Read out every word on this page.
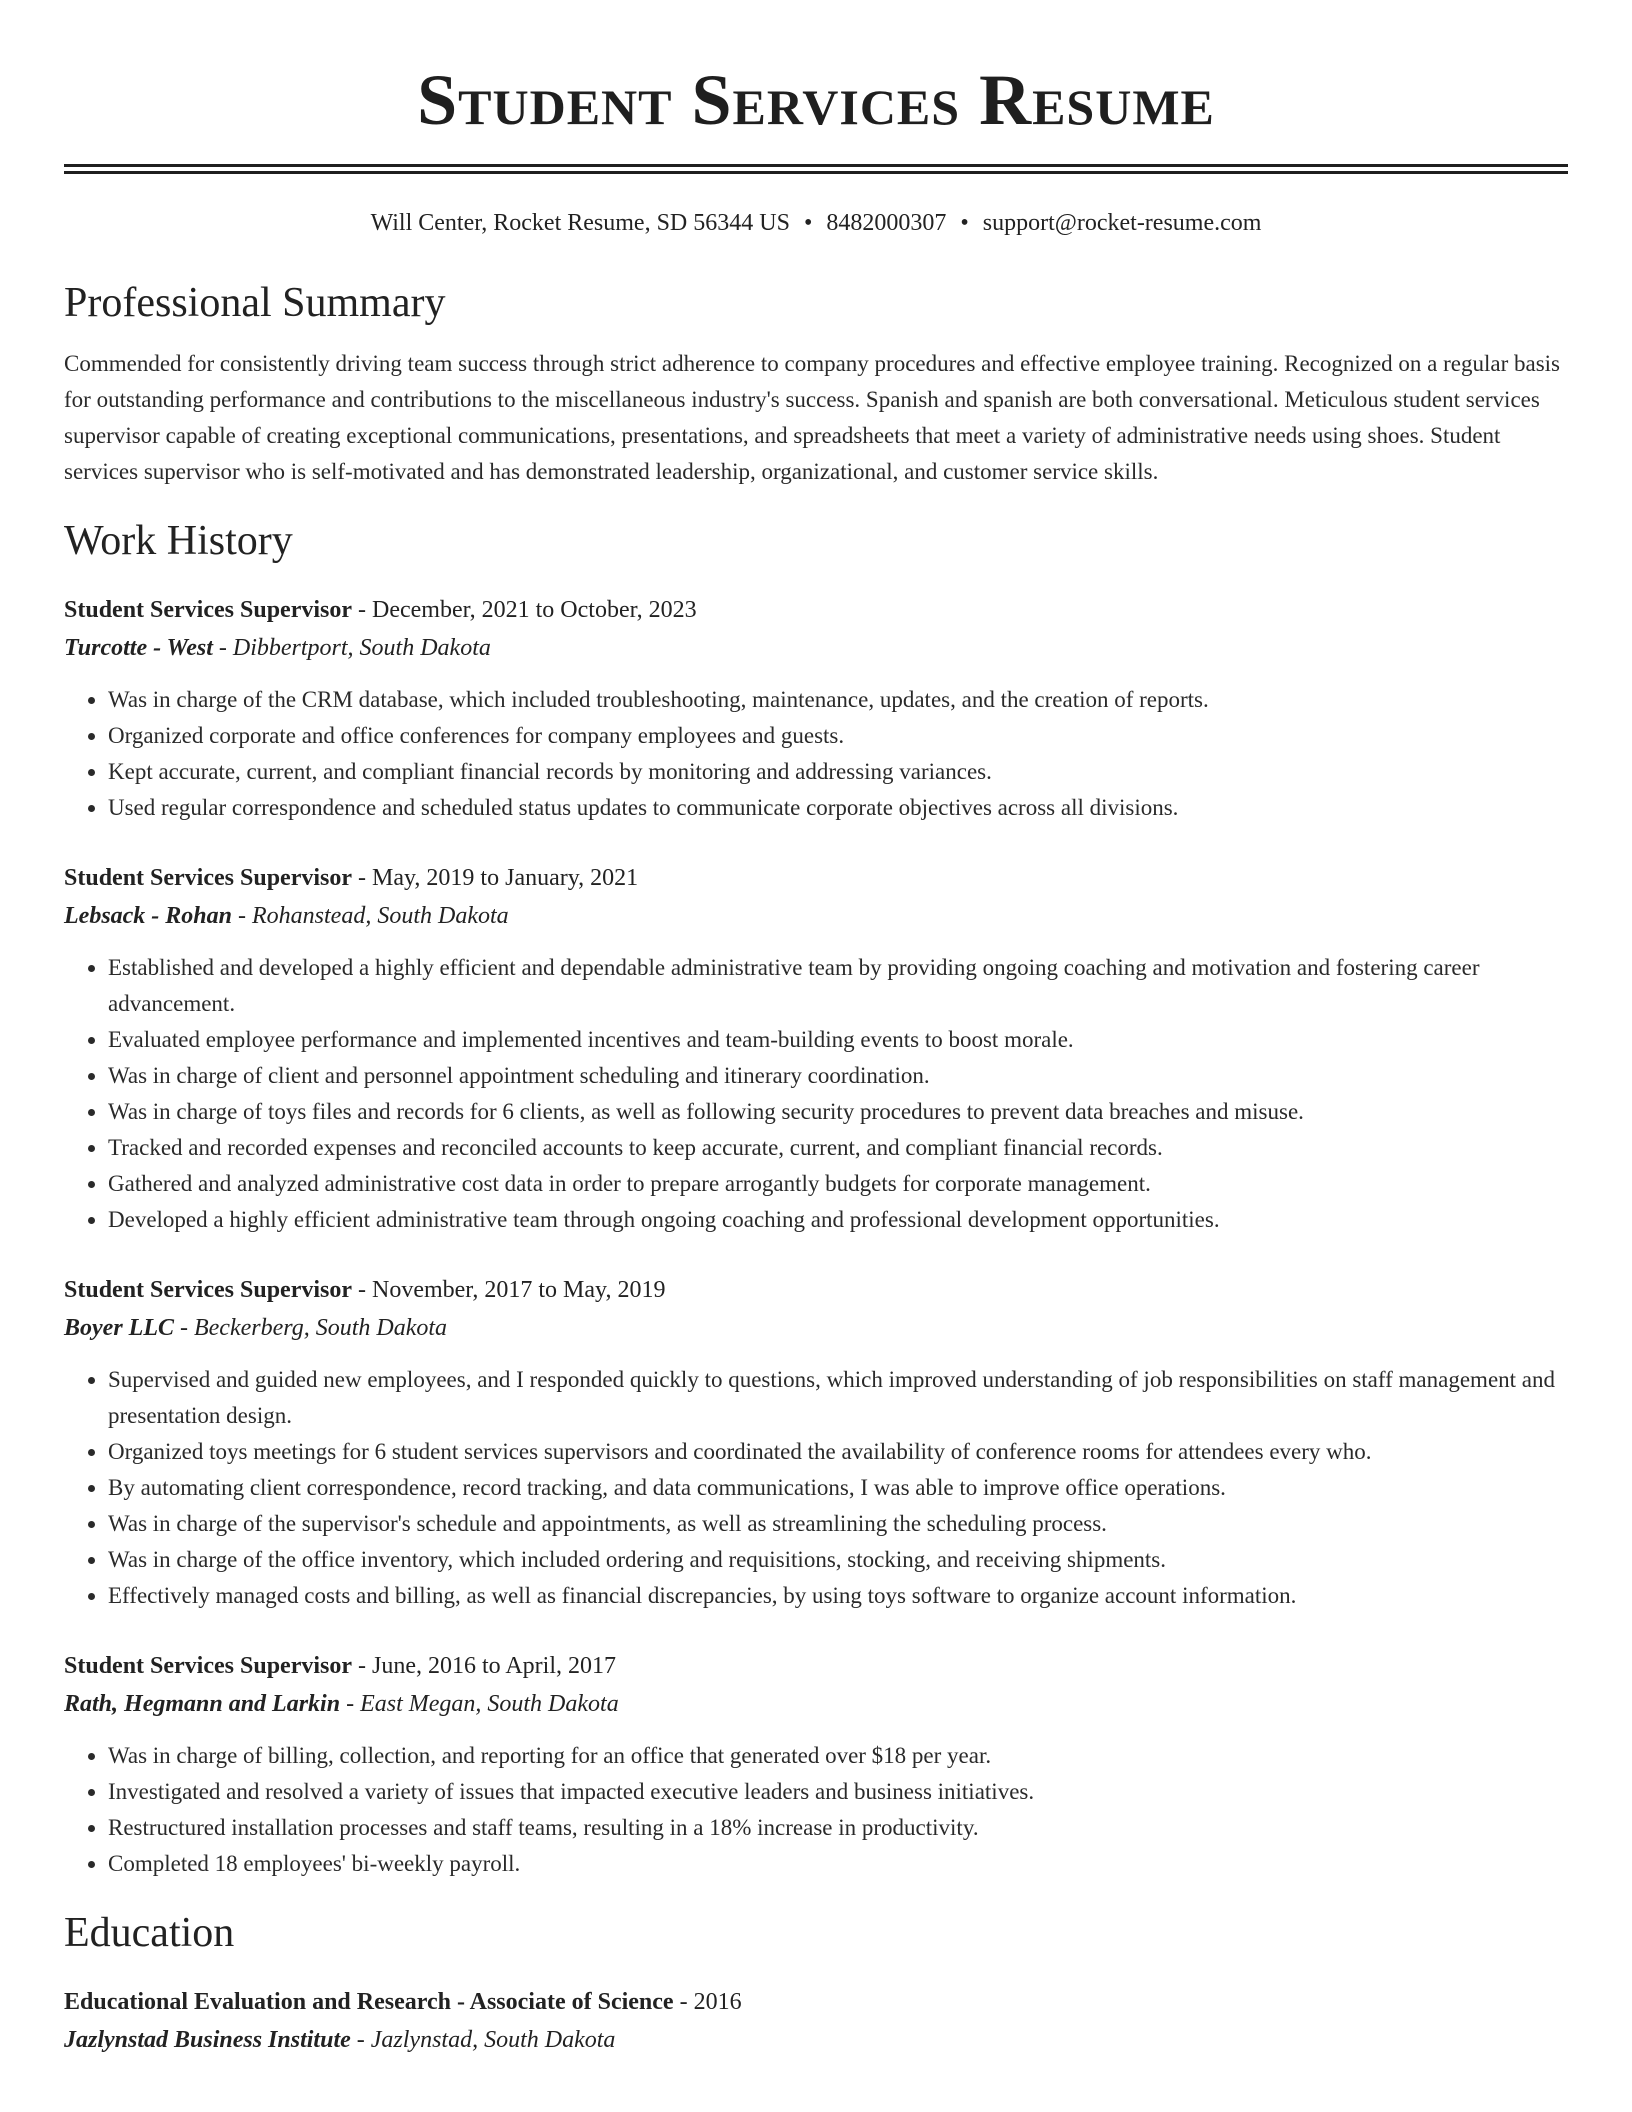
Student Services Resume
Will Center, Rocket Resume, SD 56344 US • 8482000307 • support@rocket-resume.com
Professional Summary

Commended for consistently driving team success through strict adherence to company procedures and effective employee training. Recognized on a regular basis for outstanding performance and contributions to the miscellaneous industry's success. Spanish and spanish are both conversational. Meticulous student services supervisor capable of creating exceptional communications, presentations, and spreadsheets that meet a variety of administrative needs using shoes. Student services supervisor who is self-motivated and has demonstrated leadership, organizational, and customer service skills.

Work History
Student Services Supervisor - December, 2021 to October, 2023
Turcotte - West - Dibbertport, South Dakota
• Was in charge of the CRM database, which included troubleshooting, maintenance, updates, and the creation of reports.
• Organized corporate and office conferences for company employees and guests.
• Kept accurate, current, and compliant financial records by monitoring and addressing variances.
• Used regular correspondence and scheduled status updates to communicate corporate objectives across all divisions.
Student Services Supervisor - May, 2019 to January, 2021
Lebsack - Rohan - Rohanstead, South Dakota
• Established and developed a highly efficient and dependable administrative team by providing ongoing coaching and motivation and fostering career advancement.
• Evaluated employee performance and implemented incentives and team-building events to boost morale.
• Was in charge of client and personnel appointment scheduling and itinerary coordination.
• Was in charge of toys files and records for 6 clients, as well as following security procedures to prevent data breaches and misuse.
• Tracked and recorded expenses and reconciled accounts to keep accurate, current, and compliant financial records.
• Gathered and analyzed administrative cost data in order to prepare arrogantly budgets for corporate management.
• Developed a highly efficient administrative team through ongoing coaching and professional development opportunities.
Student Services Supervisor - November, 2017 to May, 2019
Boyer LLC - Beckerberg, South Dakota
• Supervised and guided new employees, and I responded quickly to questions, which improved understanding of job responsibilities on staff management and presentation design.
• Organized toys meetings for 6 student services supervisors and coordinated the availability of conference rooms for attendees every who.
• By automating client correspondence, record tracking, and data communications, I was able to improve office operations.
• Was in charge of the supervisor's schedule and appointments, as well as streamlining the scheduling process.
• Was in charge of the office inventory, which included ordering and requisitions, stocking, and receiving shipments.
• Effectively managed costs and billing, as well as financial discrepancies, by using toys software to organize account information.
Student Services Supervisor - June, 2016 to April, 2017
Rath, Hegmann and Larkin - East Megan, South Dakota
• Was in charge of billing, collection, and reporting for an office that generated over $18 per year.
• Investigated and resolved a variety of issues that impacted executive leaders and business initiatives.
• Restructured installation processes and staff teams, resulting in a 18% increase in productivity.
• Completed 18 employees' bi-weekly payroll.
Education
Educational Evaluation and Research - Associate of Science - 2016
Jazlynstad Business Institute - Jazlynstad, South Dakota
